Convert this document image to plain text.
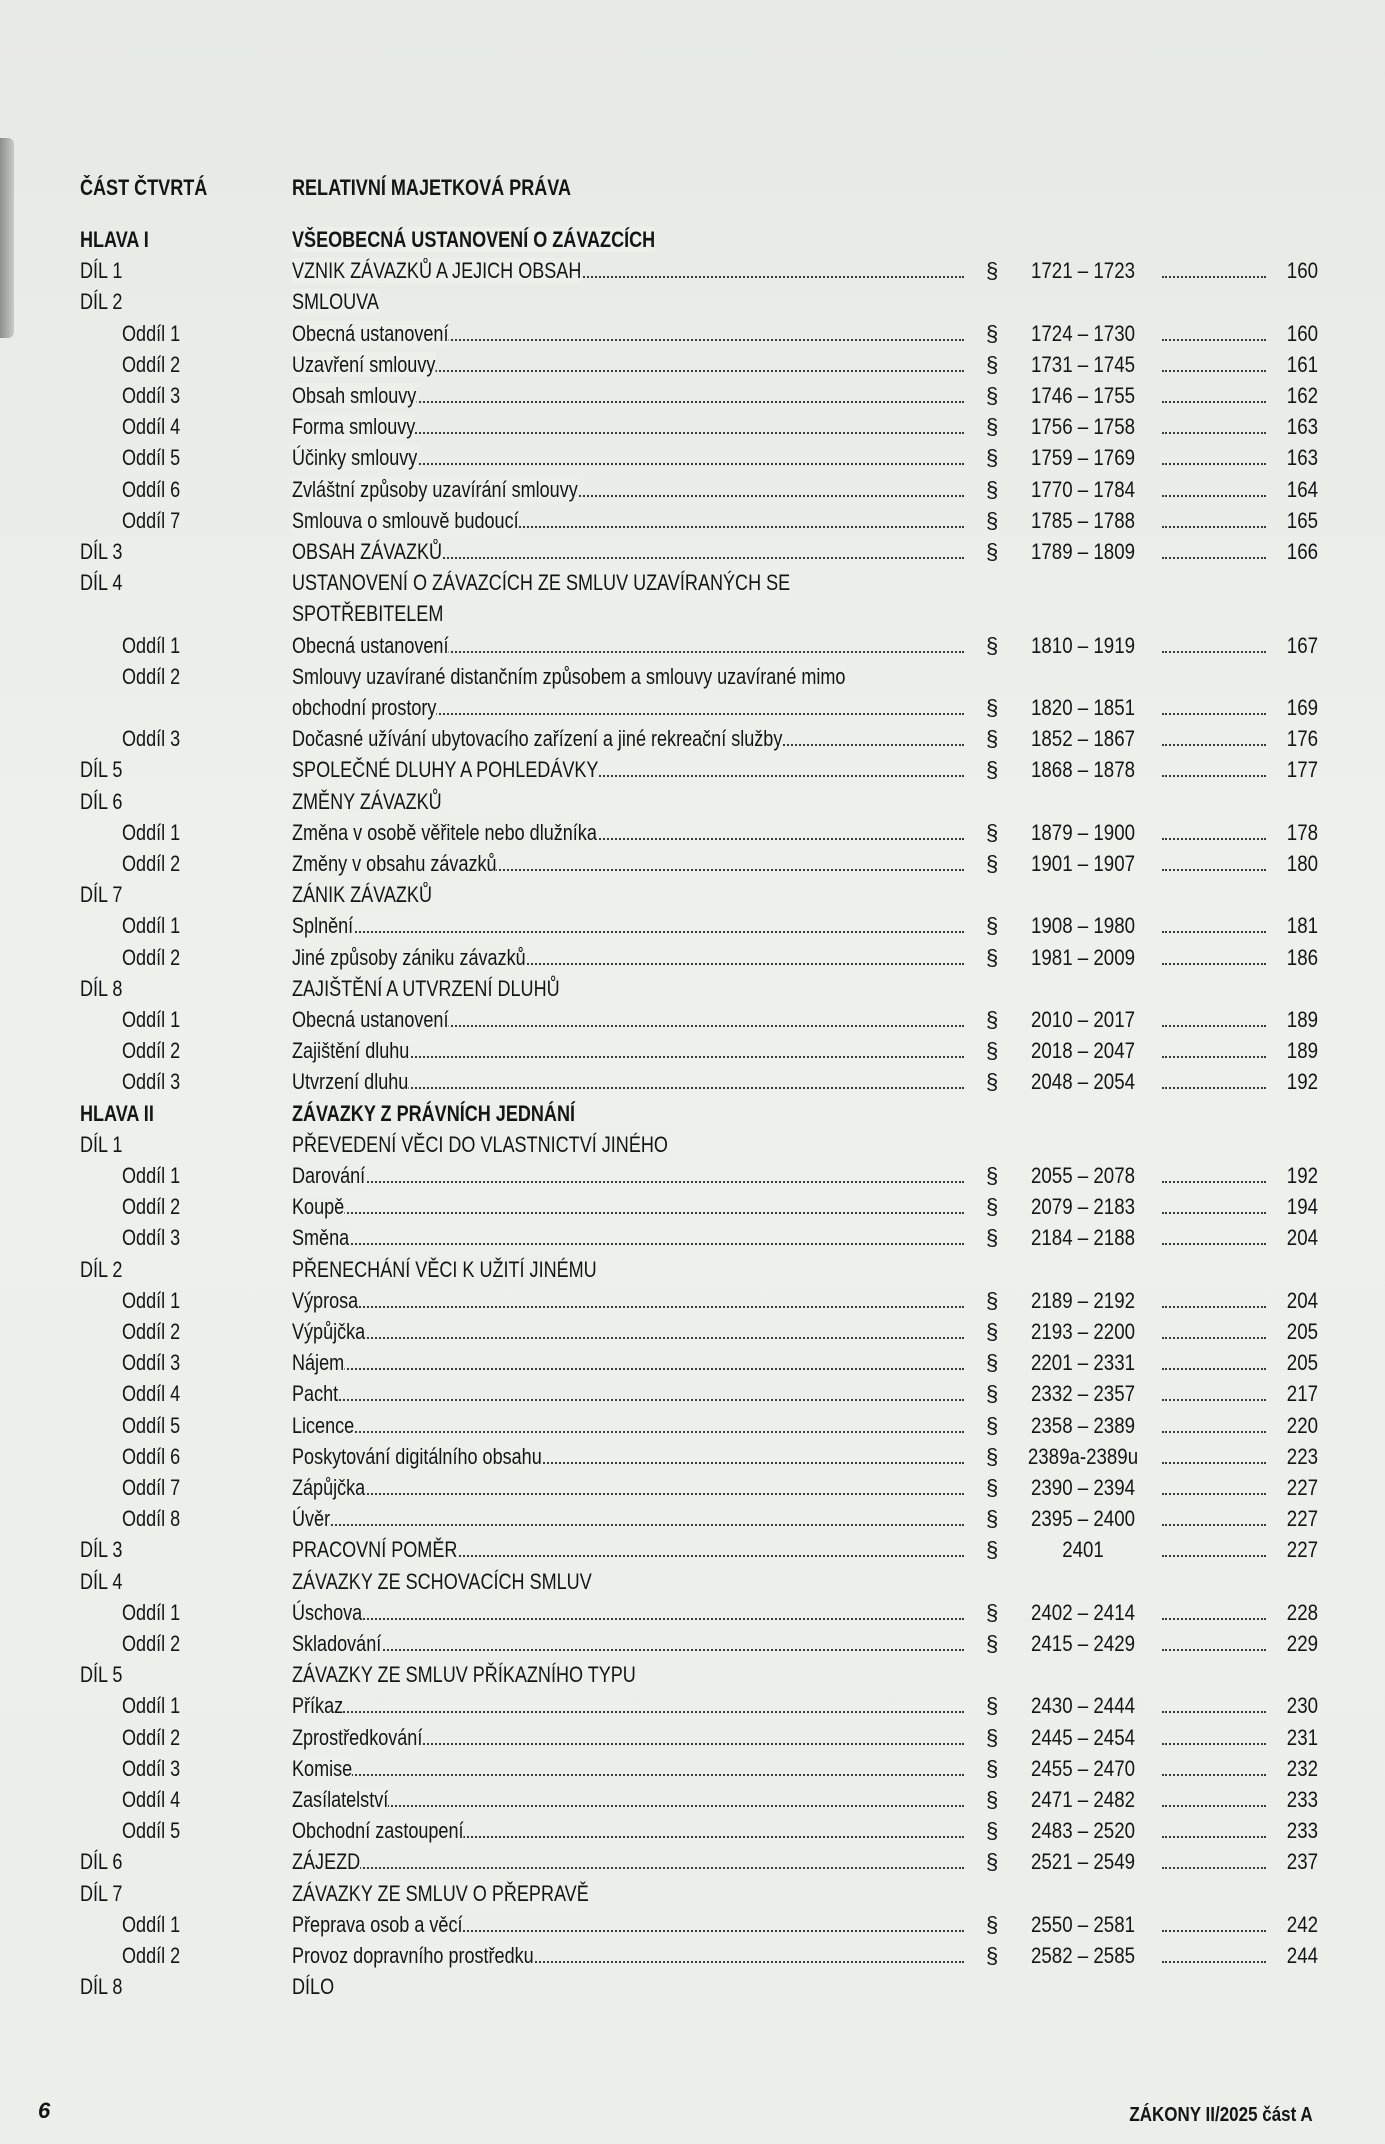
ČÁST ČTVRTÁ	RELATIVNÍ MAJETKOVÁ PRÁVA
HLAVA I	VŠEOBECNÁ USTANOVENÍ O ZÁVAZCÍCH
DÍL 1	VZNIK ZÁVAZKŮ A JEJICH OBSAH	§ 1721 – 1723	160
DÍL 2	SMLOUVA
Oddíl 1	Obecná ustanovení	§ 1724 – 1730	160
Oddíl 2	Uzavření smlouvy	§ 1731 – 1745	161
Oddíl 3	Obsah smlouvy	§ 1746 – 1755	162
Oddíl 4	Forma smlouvy	§ 1756 – 1758	163
Oddíl 5	Účinky smlouvy	§ 1759 – 1769	163
Oddíl 6	Zvláštní způsoby uzavírání smlouvy	§ 1770 – 1784	164
Oddíl 7	Smlouva o smlouvě budoucí	§ 1785 – 1788	165
DÍL 3	OBSAH ZÁVAZKŮ	§ 1789 – 1809	166
DÍL 4	USTANOVENÍ O ZÁVAZCÍCH ZE SMLUV UZAVÍRANÝCH SE
SPOTŘEBITELEM
Oddíl 1	Obecná ustanovení	§ 1810 – 1919	167
Oddíl 2	Smlouvy uzavírané distančním způsobem a smlouvy uzavírané mimo
obchodní prostory	§ 1820 – 1851	169
Oddíl 3	Dočasné užívání ubytovacího zařízení a jiné rekreační služby	§ 1852 – 1867	176
DÍL 5	SPOLEČNÉ DLUHY A POHLEDÁVKY	§ 1868 – 1878	177
DÍL 6	ZMĚNY ZÁVAZKŮ
Oddíl 1	Změna v osobě věřitele nebo dlužníka	§ 1879 – 1900	178
Oddíl 2	Změny v obsahu závazků	§ 1901 – 1907	180
DÍL 7	ZÁNIK ZÁVAZKŮ
Oddíl 1	Splnění	§ 1908 – 1980	181
Oddíl 2	Jiné způsoby zániku závazků	§ 1981 – 2009	186
DÍL 8	ZAJIŠTĚNÍ A UTVRZENÍ DLUHŮ
Oddíl 1	Obecná ustanovení	§ 2010 – 2017	189
Oddíl 2	Zajištění dluhu	§ 2018 – 2047	189
Oddíl 3	Utvrzení dluhu	§ 2048 – 2054	192
HLAVA II	ZÁVAZKY Z PRÁVNÍCH JEDNÁNÍ
DÍL 1	PŘEVEDENÍ VĚCI DO VLASTNICTVÍ JINÉHO
Oddíl 1	Darování	§ 2055 – 2078	192
Oddíl 2	Koupě	§ 2079 – 2183	194
Oddíl 3	Směna	§ 2184 – 2188	204
DÍL 2	PŘENECHÁNÍ VĚCI K UŽITÍ JINÉMU
Oddíl 1	Výprosa	§ 2189 – 2192	204
Oddíl 2	Výpůjčka	§ 2193 – 2200	205
Oddíl 3	Nájem	§ 2201 – 2331	205
Oddíl 4	Pacht	§ 2332 – 2357	217
Oddíl 5	Licence	§ 2358 – 2389	220
Oddíl 6	Poskytování digitálního obsahu	§ 2389a-2389u	223
Oddíl 7	Zápůjčka	§ 2390 – 2394	227
Oddíl 8	Úvěr	§ 2395 – 2400	227
DÍL 3	PRACOVNÍ POMĚR	§	2401	227
DÍL 4	ZÁVAZKY ZE SCHOVACÍCH SMLUV
Oddíl 1	Úschova	§ 2402 – 2414	228
Oddíl 2	Skladování	§ 2415 – 2429	229
DÍL 5	ZÁVAZKY ZE SMLUV PŘÍKAZNÍHO TYPU
Oddíl 1	Příkaz	§ 2430 – 2444	230
Oddíl 2	Zprostředkování	§ 2445 – 2454	231
Oddíl 3	Komise	§ 2455 – 2470	232
Oddíl 4	Zasílatelství	§ 2471 – 2482	233
Oddíl 5	Obchodní zastoupení	§ 2483 – 2520	233
DÍL 6	ZÁJEZD	§ 2521 – 2549	237
DÍL 7	ZÁVAZKY ZE SMLUV O PŘEPRAVĚ
Oddíl 1	Přeprava osob a věcí	§ 2550 – 2581	242
Oddíl 2	Provoz dopravního prostředku	§ 2582 – 2585	244
DÍL 8	DÍLO
6	ZÁKONY II/2025 část A
